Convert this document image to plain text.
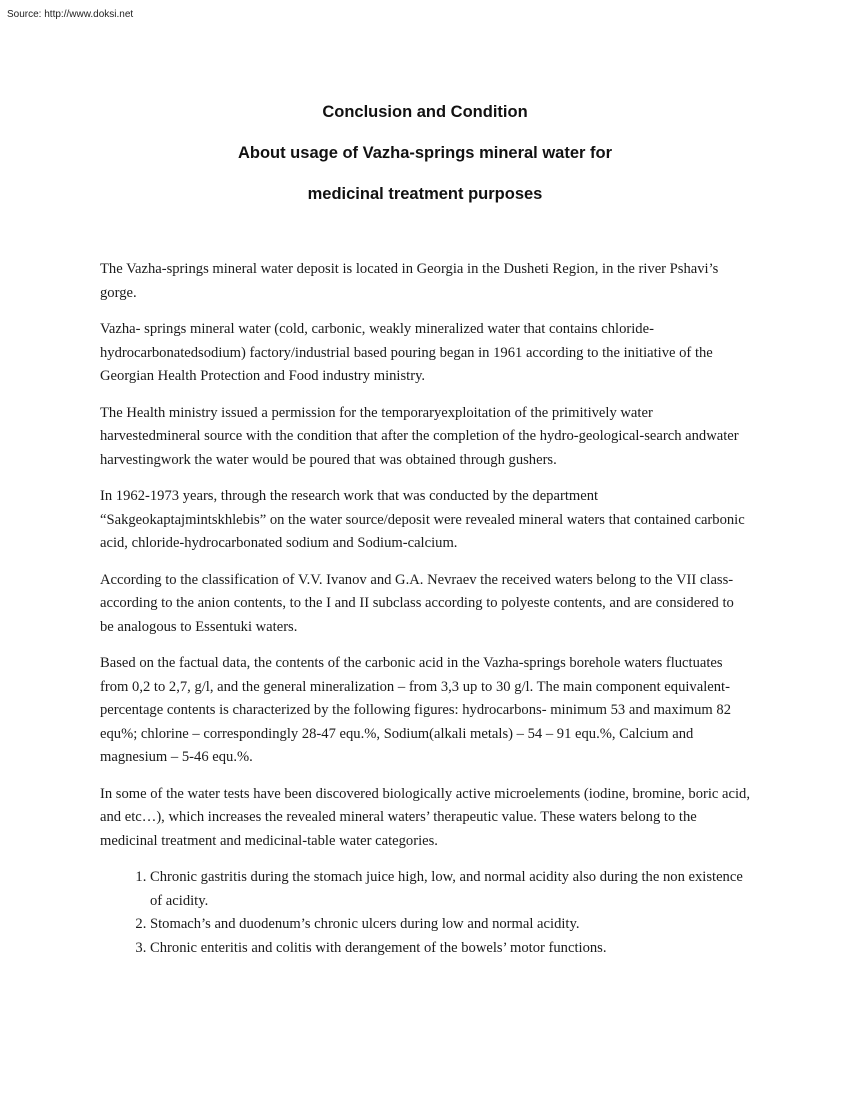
Source: http://www.doksi.net
Conclusion and Condition
About usage of Vazha-springs mineral water for
medicinal treatment purposes

The Vazha-springs mineral water deposit is located in Georgia in the Dusheti Region, in the river Pshavi’s gorge.

Vazha- springs mineral water (cold, carbonic, weakly mineralized water that contains chloride-hydrocarbonatedsodium) factory/industrial based pouring began in 1961 according to the initiative of the Georgian Health Protection and Food industry ministry.

The Health ministry issued a permission for the temporaryexploitation of the primitively water harvestedmineral source with the condition that after the completion of the hydro-geological-search andwater harvestingwork the water would be poured that was obtained through gushers.

In 1962-1973 years, through the research work that was conducted by the department “Sakgeokaptajmintskhlebis” on the water source/deposit were revealed mineral waters that contained carbonic acid, chloride-hydrocarbonated sodium and Sodium-calcium.

According to the classification of V.V. Ivanov and G.A. Nevraev the received waters belong to the VII class- according to the anion contents, to the I and II subclass according to polyeste contents, and are considered to be analogous to Essentuki waters.

Based on the factual data, the contents of the carbonic acid in the Vazha-springs borehole waters fluctuates from 0,2 to 2,7, g/l, and the general mineralization – from 3,3 up to 30 g/l. The main component equivalent-percentage contents is characterized by the following figures: hydrocarbons- minimum 53 and maximum 82 equ%; chlorine – correspondingly 28-47 equ.%, Sodium(alkali metals) – 54 – 91 equ.%, Calcium and magnesium – 5-46 equ.%.

In some of the water tests have been discovered biologically active microelements (iodine, bromine, boric acid, and etc…), which increases the revealed mineral waters’ therapeutic value. These waters belong to the medicinal treatment and medicinal-table water categories.

1. Chronic gastritis during the stomach juice high, low, and normal acidity also during the non existence of acidity.
2. Stomach’s and duodenum’s chronic ulcers during low and normal acidity.
3. Chronic enteritis and colitis with derangement of the bowels’ motor functions.
